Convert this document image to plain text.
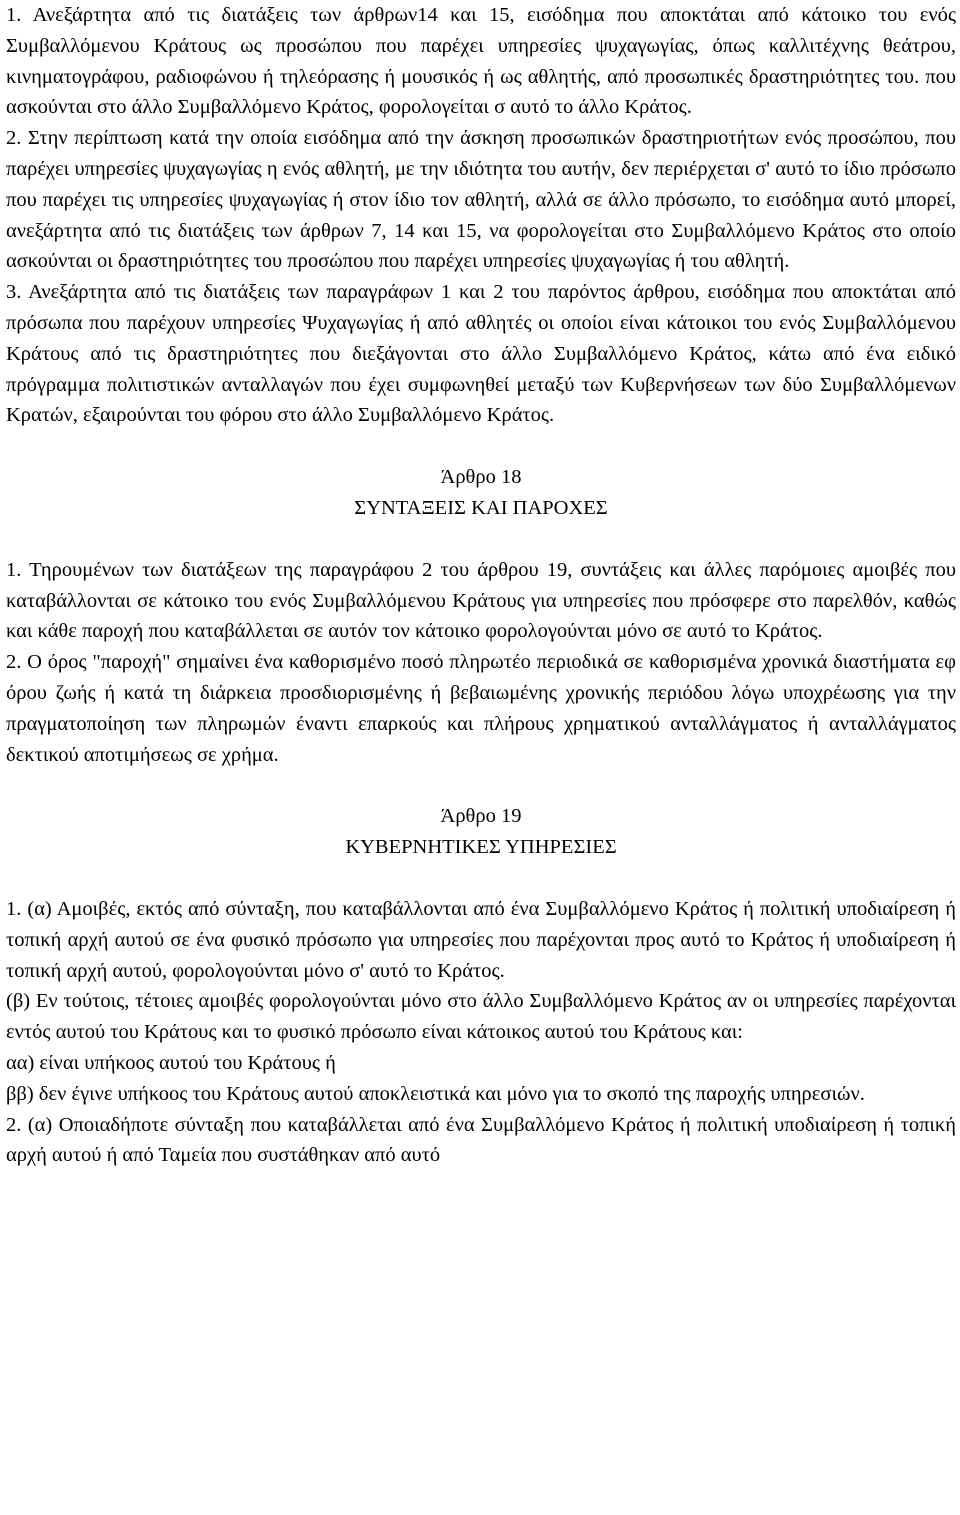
1. Ανεξάρτητα από τις διατάξεις των άρθρων14 και 15, εισόδημα που αποκτάται από κάτοικο του ενός Συμβαλλόμενου Κράτους ως προσώπου που παρέχει υπηρεσίες ψυχαγωγίας, όπως καλλιτέχνης θεάτρου, κινηματογράφου, ραδιοφώνου ή τηλεόρασης ή μουσικός ή ως αθλητής, από προσωπικές δραστηριότητες του. που ασκούνται στο άλλο Συμβαλλόμενο Κράτος, φορολογείται σ αυτό το άλλο Κράτος.

2. Στην περίπτωση κατά την οποία εισόδημα από την άσκηση προσωπικών δραστηριοτήτων ενός προσώπου, που παρέχει υπηρεσίες ψυχαγωγίας η ενός αθλητή, με την ιδιότητα του αυτήν, δεν περιέρχεται σ' αυτό το ίδιο πρόσωπο που παρέχει τις υπηρεσίες ψυχαγωγίας ή στον ίδιο τον αθλητή, αλλά σε άλλο πρόσωπο, το εισόδημα αυτό μπορεί, ανεξάρτητα από τις διατάξεις των άρθρων 7, 14 και 15, να φορολογείται στο Συμβαλλόμενο Κράτος στο οποίο ασκούνται οι δραστηριότητες του προσώπου που παρέχει υπηρεσίες ψυχαγωγίας ή του αθλητή.

3. Ανεξάρτητα από τις διατάξεις των παραγράφων 1 και 2 του παρόντος άρθρου, εισόδημα που αποκτάται από πρόσωπα που παρέχουν υπηρεσίες Ψυχαγωγίας ή από αθλητές οι οποίοι είναι κάτοικοι του ενός Συμβαλλόμενου Κράτους από τις δραστηριότητες που διεξάγονται στο άλλο Συμβαλλόμενο Κράτος, κάτω από ένα ειδικό πρόγραμμα πολιτιστικών ανταλλαγών που έχει συμφωνηθεί μεταξύ των Κυβερνήσεων των δύο Συμβαλλόμενων Κρατών, εξαιρούνται του φόρου στο άλλο Συμβαλλόμενο Κράτος.

Άρθρο 18

ΣΥΝΤΑΞΕΙΣ ΚΑΙ ΠΑΡΟΧΕΣ

1. Τηρουμένων των διατάξεων της παραγράφου 2 του άρθρου 19, συντάξεις και άλλες παρόμοιες αμοιβές που καταβάλλονται σε κάτοικο του ενός Συμβαλλόμενου Κράτους για υπηρεσίες που πρόσφερε στο παρελθόν, καθώς και κάθε παροχή που καταβάλλεται σε αυτόν τον κάτοικο φορολογούνται μόνο σε αυτό το Κράτος.

2. Ο όρος "παροχή" σημαίνει ένα καθορισμένο ποσό πληρωτέο περιοδικά σε καθορισμένα χρονικά διαστήματα εφ όρου ζωής ή κατά τη διάρκεια προσδιορισμένης ή βεβαιωμένης χρονικής περιόδου λόγω υποχρέωσης για την πραγματοποίηση των πληρωμών έναντι επαρκούς και πλήρους χρηματικού ανταλλάγματος ή ανταλλάγματος δεκτικού αποτιμήσεως σε χρήμα.

Άρθρο 19

ΚΥΒΕΡΝΗΤΙΚΕΣ ΥΠΗΡΕΣΙΕΣ

1. (α) Αμοιβές, εκτός από σύνταξη, που καταβάλλονται από ένα Συμβαλλόμενο Κράτος ή πολιτική υποδιαίρεση ή τοπική αρχή αυτού σε ένα φυσικό πρόσωπο για υπηρεσίες που παρέχονται προς αυτό το Κράτος ή υποδιαίρεση ή τοπική αρχή αυτού, φορολογούνται μόνο σ' αυτό το Κράτος.

(β) Εν τούτοις, τέτοιες αμοιβές φορολογούνται μόνο στο άλλο Συμβαλλόμενο Κράτος αν οι υπηρεσίες παρέχονται εντός αυτού του Κράτους και το φυσικό πρόσωπο είναι κάτοικος αυτού του Κράτους και:

αα) είναι υπήκοος αυτού του Κράτους ή

ββ) δεν έγινε υπήκοος του Κράτους αυτού αποκλειστικά και μόνο για το σκοπό της παροχής υπηρεσιών.

2. (α) Οποιαδήποτε σύνταξη που καταβάλλεται από ένα Συμβαλλόμενο Κράτος ή πολιτική υποδιαίρεση ή τοπική αρχή αυτού ή από Ταμεία που συστάθηκαν από αυτό
